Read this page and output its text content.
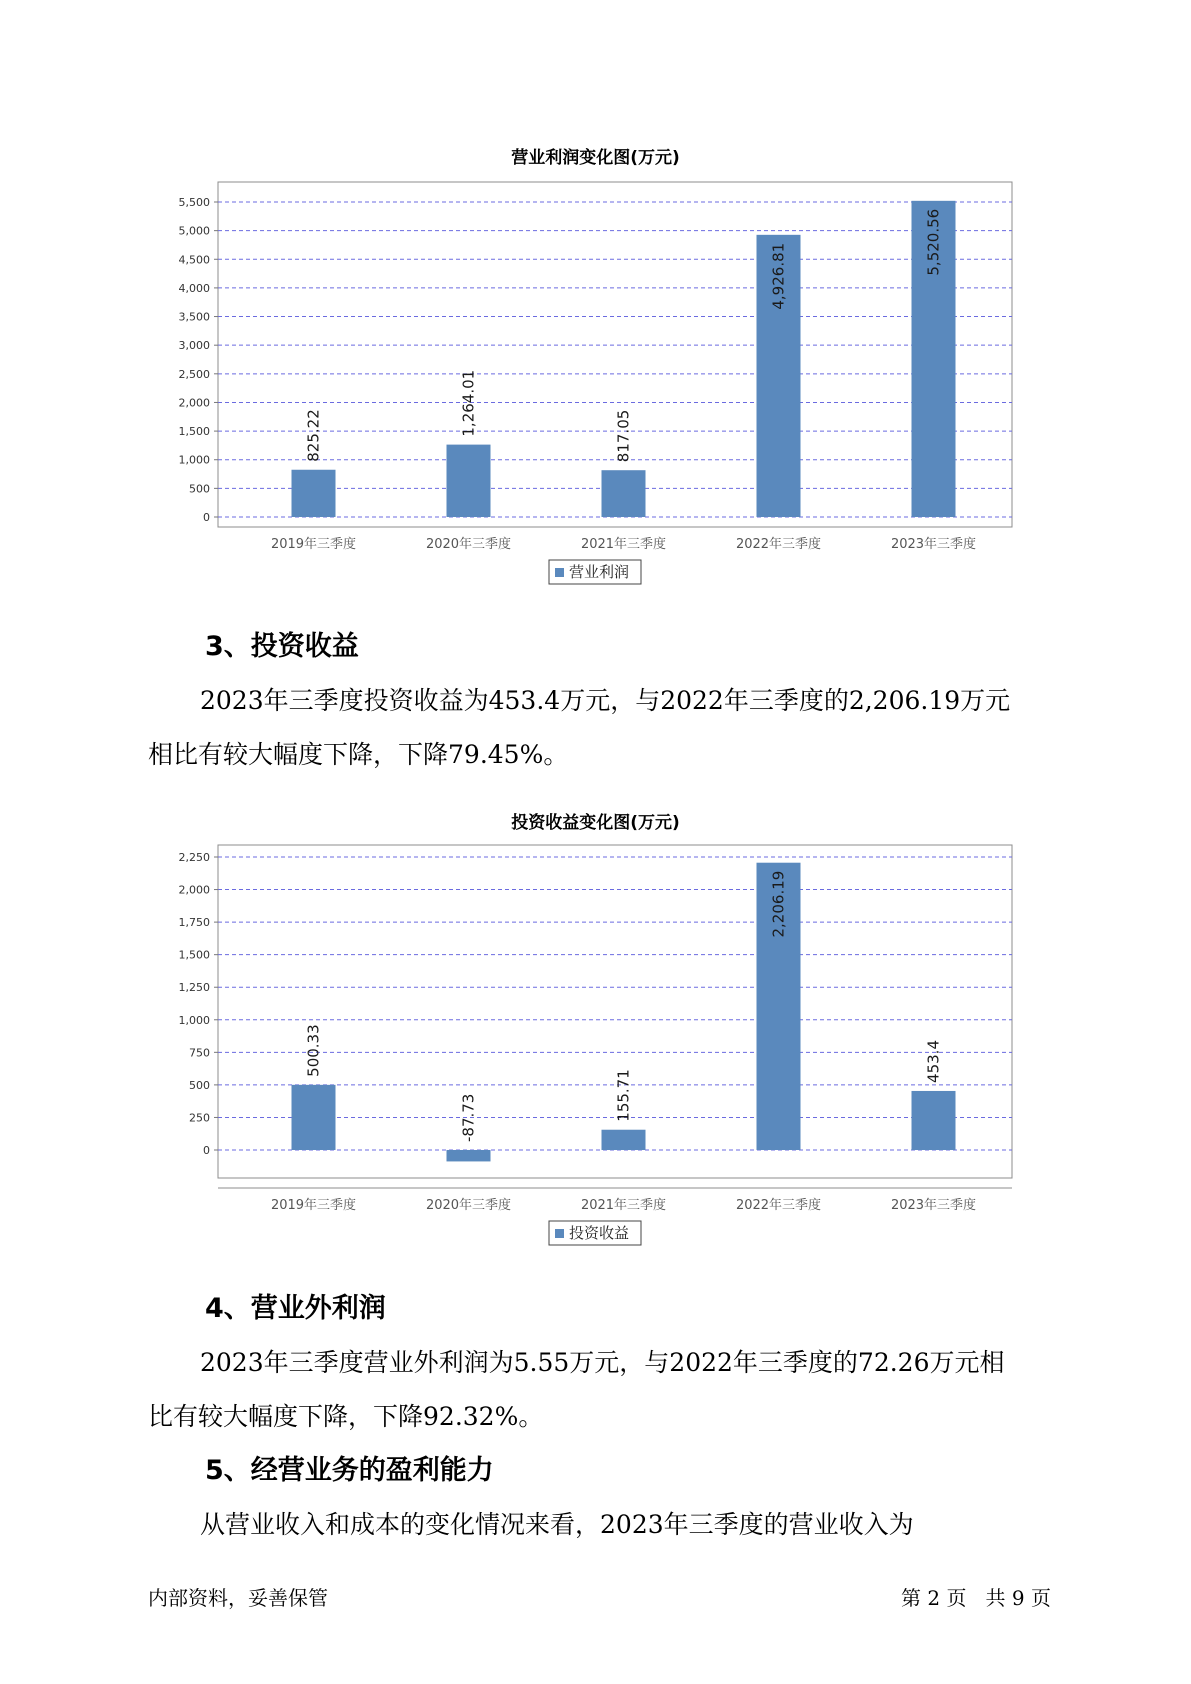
营业利润变化图(万元)
0
500
1,000
1,500
2,000
2,500
3,000
3,500
4,000
4,500
5,000
5,500
825.22
2019年三季度
1,264.01
2020年三季度
817.05
2021年三季度
4,926.81
2022年三季度
5,520.56
2023年三季度
营业利润
3、投资收益
2023年三季度投资收益为453.4万元，与2022年三季度的2,206.19万元
相比有较大幅度下降，下降79.45%。
投资收益变化图(万元)
0
250
500
750
1,000
1,250
1,500
1,750
2,000
2,250
500.33
2019年三季度
-87.73
2020年三季度
155.71
2021年三季度
2,206.19
2022年三季度
453.4
2023年三季度
投资收益
4、营业外利润
2023年三季度营业外利润为5.55万元，与2022年三季度的72.26万元相
比有较大幅度下降，下降92.32%。
5、经营业务的盈利能力
从营业收入和成本的变化情况来看，2023年三季度的营业收入为
内部资料，妥善保管	第 2 页   共 9 页
